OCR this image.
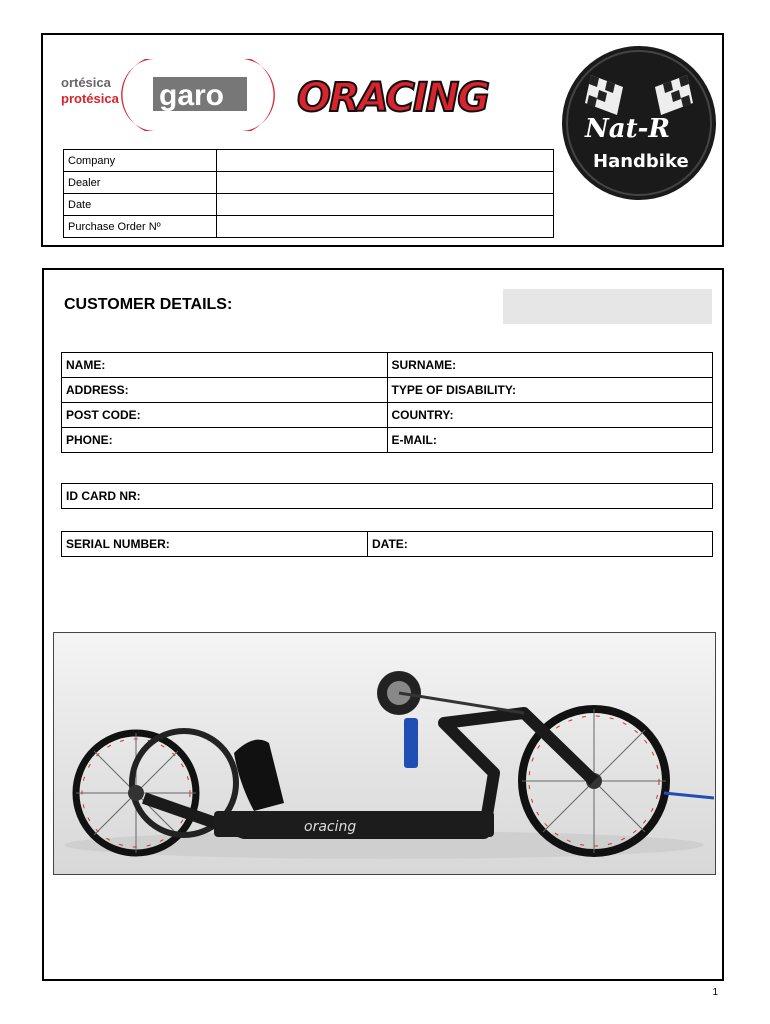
ortésica
protésica garo ORACING
Nat-R
Handbike
Company	
Dealer	
Date	
Purchase Order Nº	
CUSTOMER DETAILS:
NAME:	SURNAME:
ADDRESS:	TYPE OF DISABILITY:
POST CODE:	COUNTRY:
PHONE:	E-MAIL:
ID CARD NR:
SERIAL NUMBER:	DATE:
oracing
1
